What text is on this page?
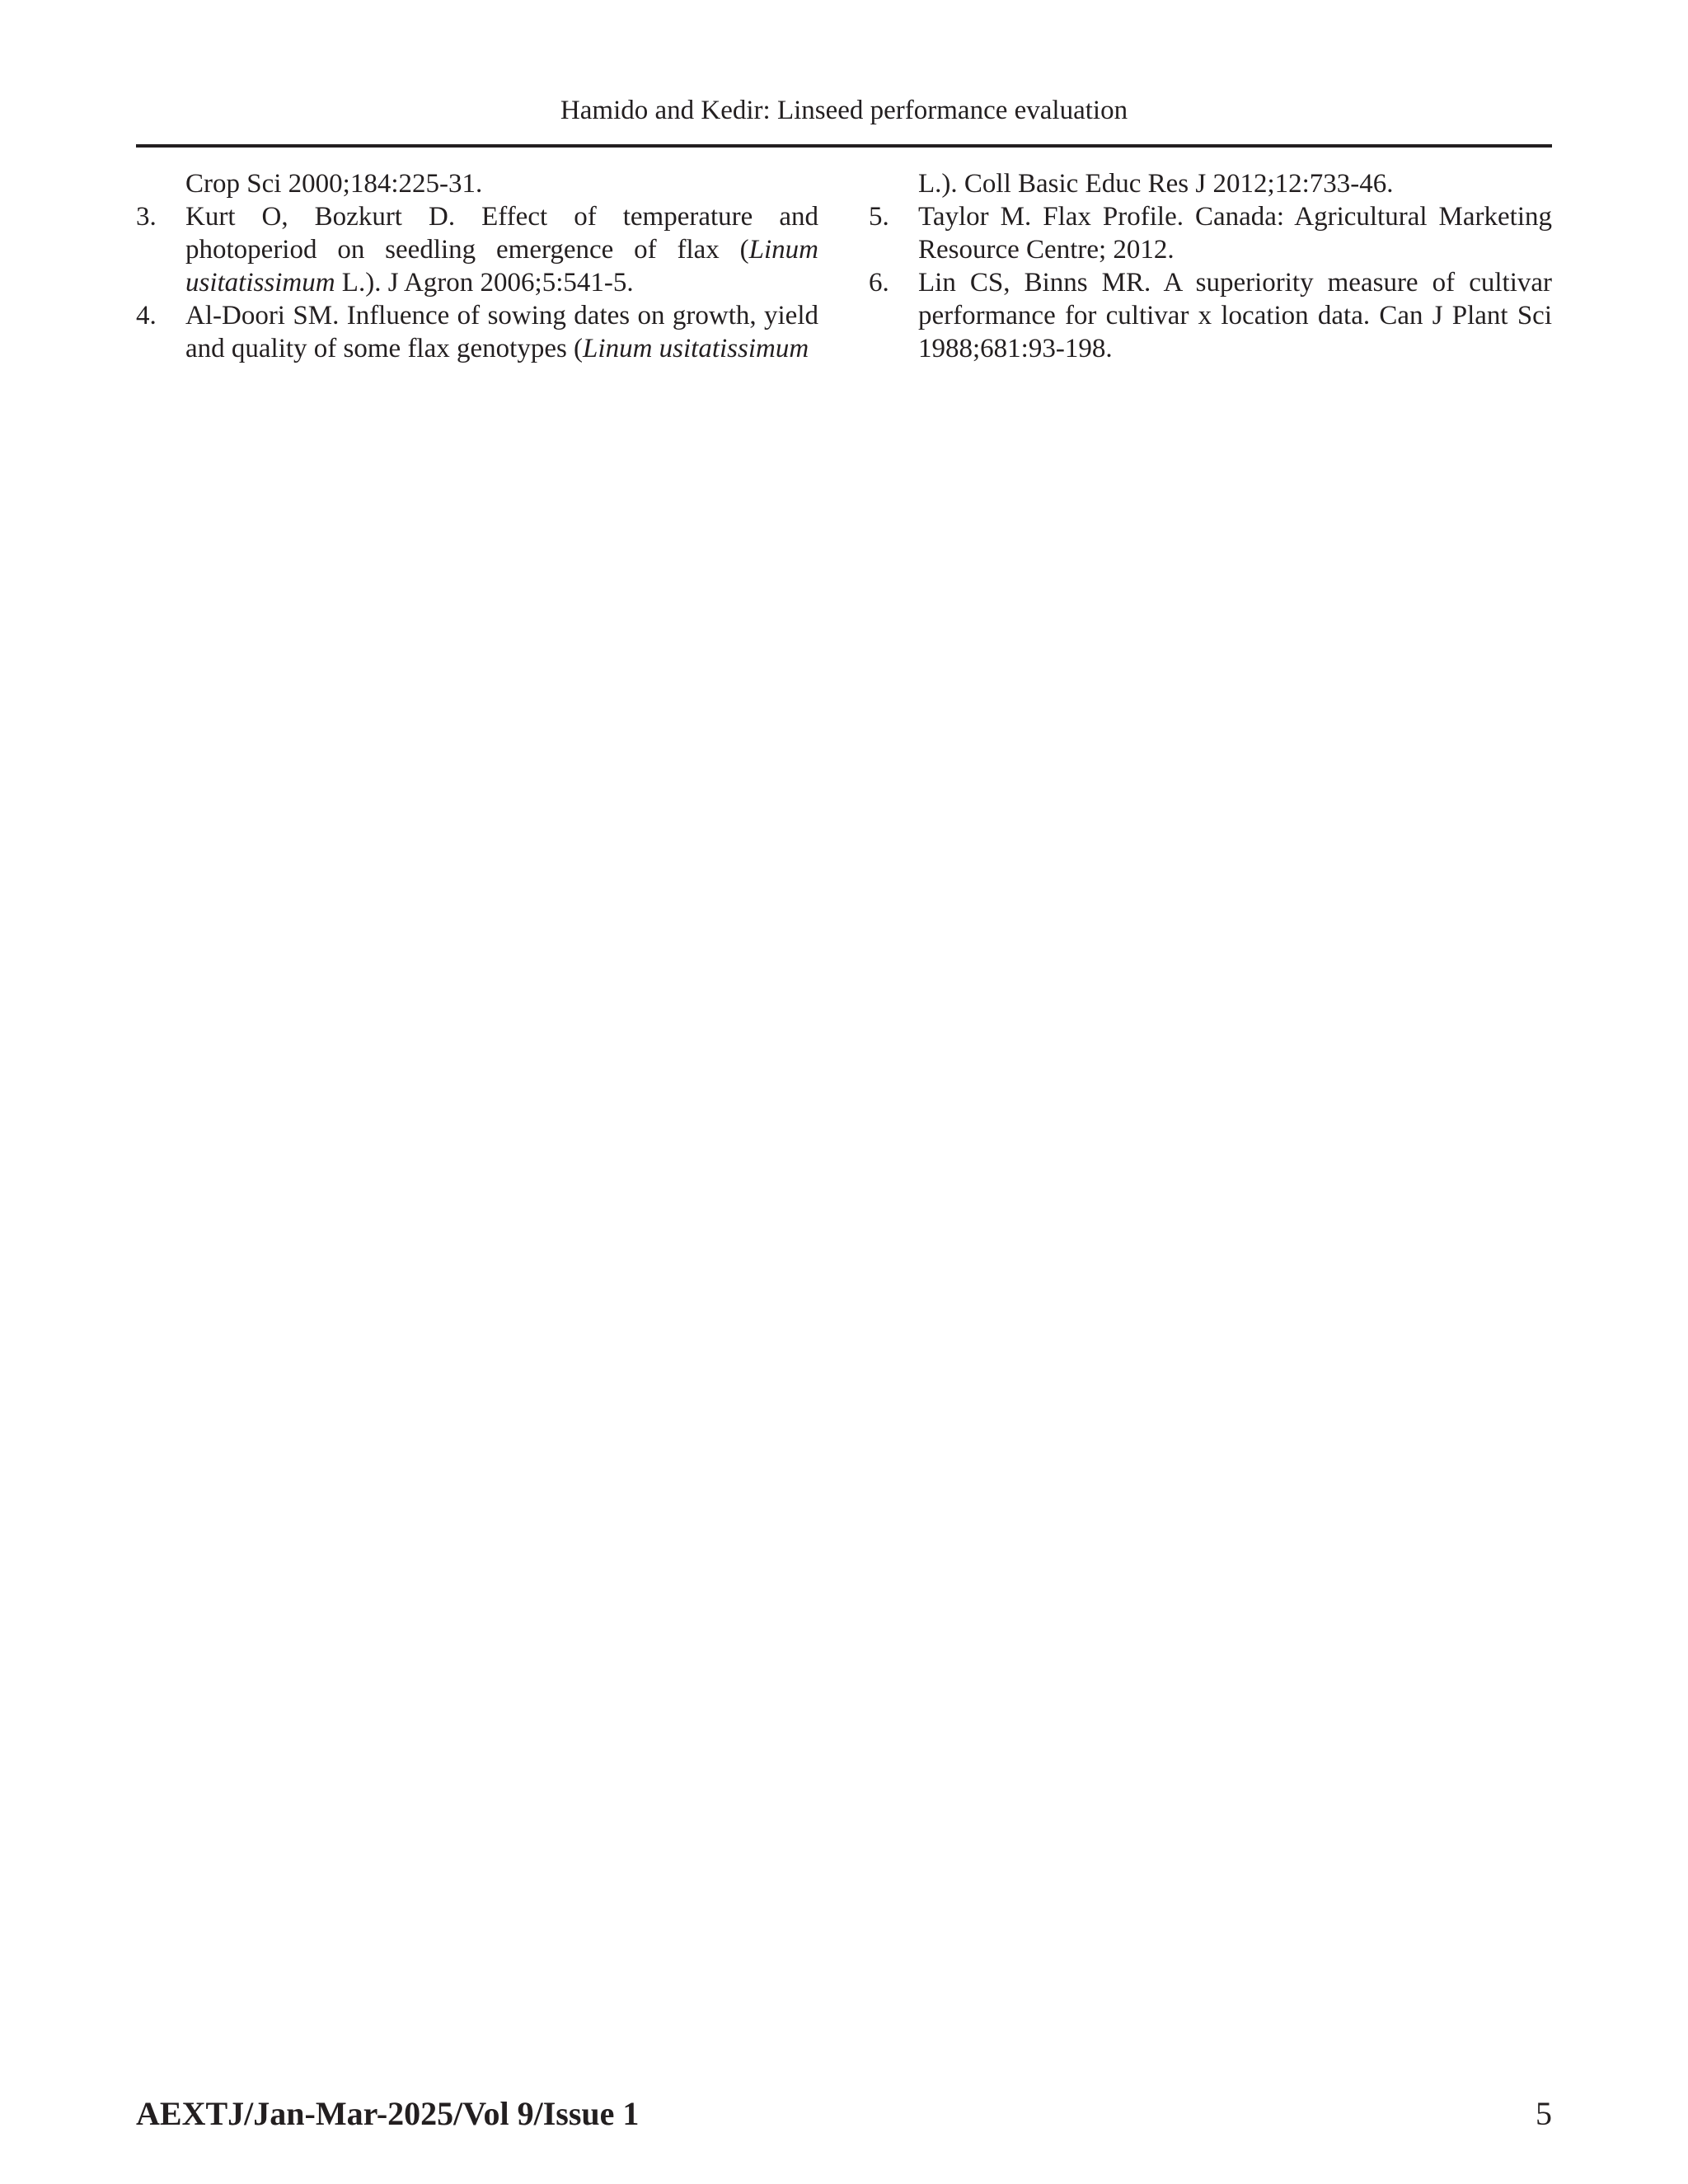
Hamido and Kedir: Linseed performance evaluation
Crop Sci 2000;184:225-31.
3. Kurt O, Bozkurt D. Effect of temperature and photoperiod on seedling emergence of flax (Linum usitatissimum L.). J Agron 2006;5:541-5.
4. Al-Doori SM. Influence of sowing dates on growth, yield and quality of some flax genotypes (Linum usitatissimum
L.). Coll Basic Educ Res J 2012;12:733-46.
5. Taylor M. Flax Profile. Canada: Agricultural Marketing Resource Centre; 2012.
6. Lin CS, Binns MR. A superiority measure of cultivar performance for cultivar x location data. Can J Plant Sci 1988;681:93-198.
AEXTJ/Jan-Mar-2025/Vol 9/Issue 1	5
